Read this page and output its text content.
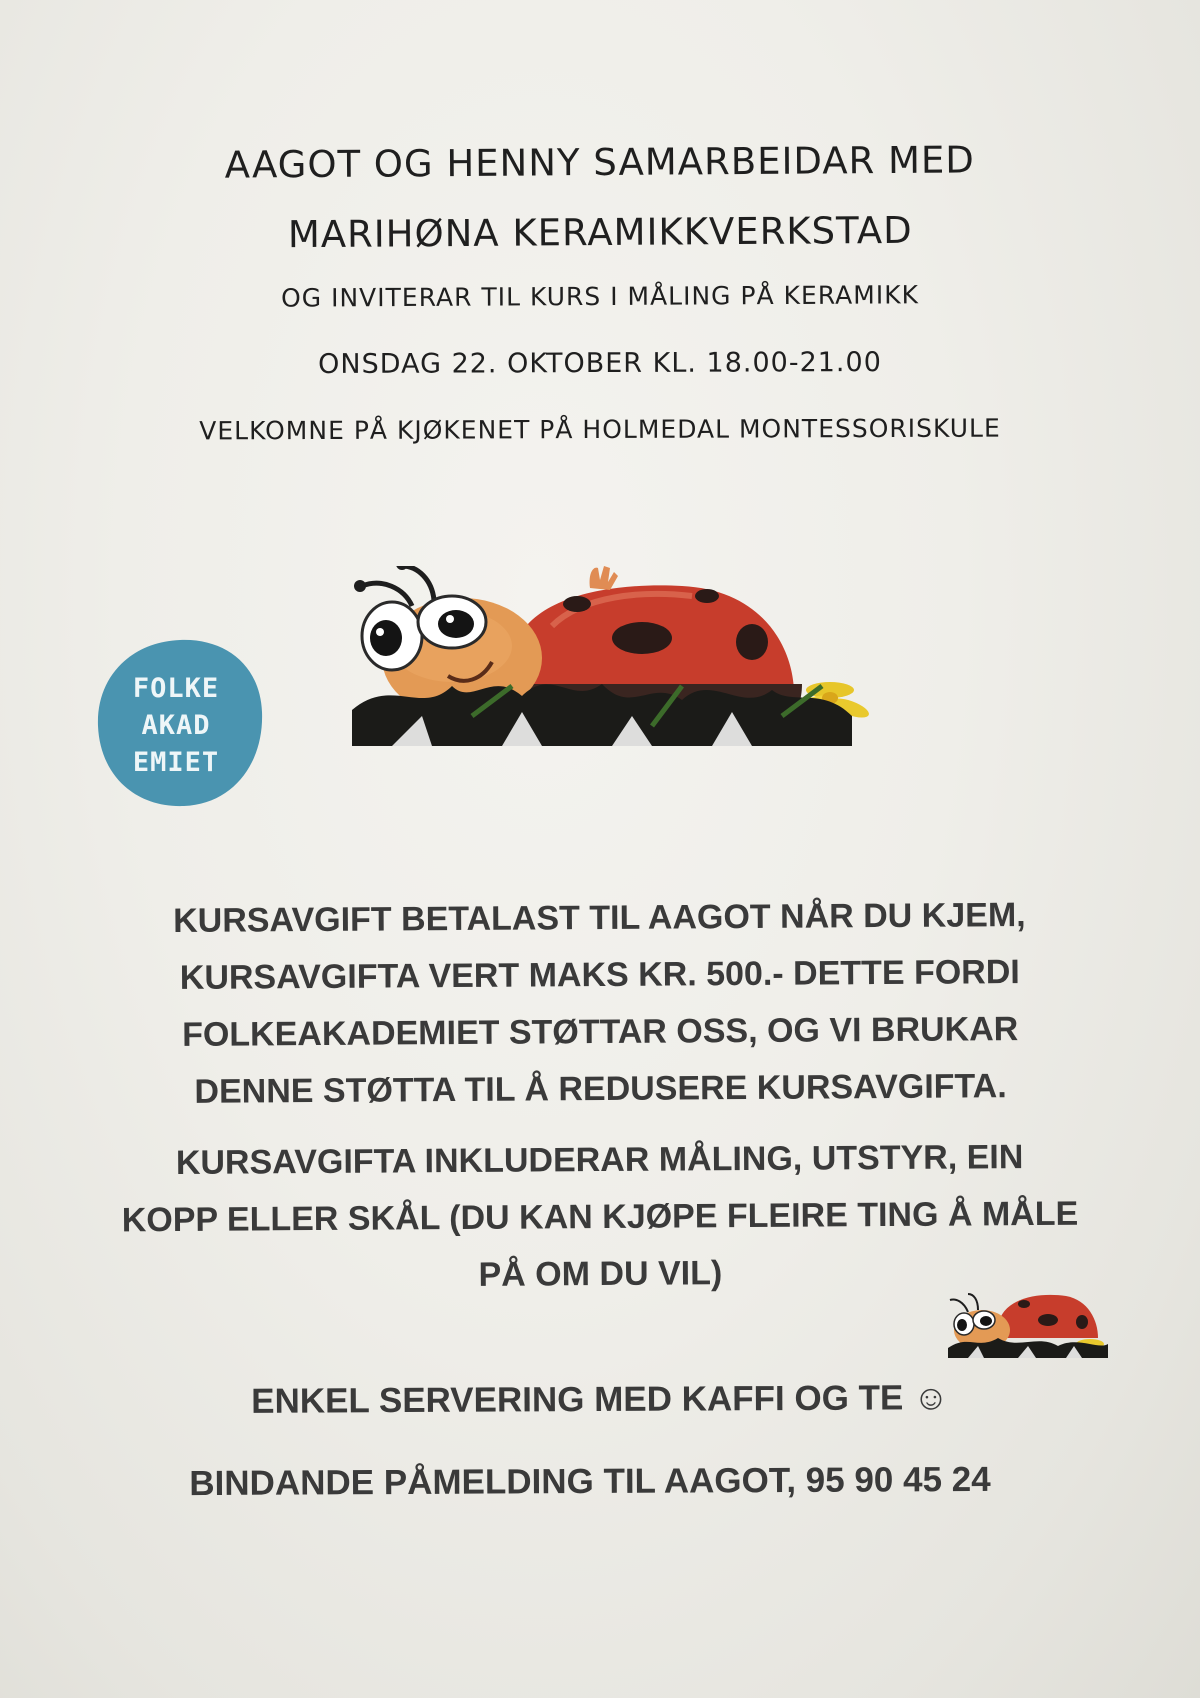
AAGOT OG HENNY SAMARBEIDAR MED
MARIHØNA KERAMIKKVERKSTAD
OG INVITERAR TIL KURS I MÅLING PÅ KERAMIKK
ONSDAG 22. OKTOBER KL. 18.00-21.00
VELKOMNE PÅ KJØKENET PÅ HOLMEDAL MONTESSORISKULE
FOLKE
AKAD
EMIET
KURSAVGIFT BETALAST TIL AAGOT NÅR DU KJEM,
KURSAVGIFTA VERT MAKS KR. 500.- DETTE FORDI
FOLKEAKADEMIET STØTTAR OSS, OG VI BRUKAR
DENNE STØTTA TIL Å REDUSERE KURSAVGIFTA.
KURSAVGIFTA INKLUDERAR MÅLING, UTSTYR, EIN
KOPP ELLER SKÅL (DU KAN KJØPE FLEIRE TING Å MÅLE
PÅ OM DU VIL)
ENKEL SERVERING MED KAFFI OG TE ☺
BINDANDE PÅMELDING TIL AAGOT, 95 90 45 24
